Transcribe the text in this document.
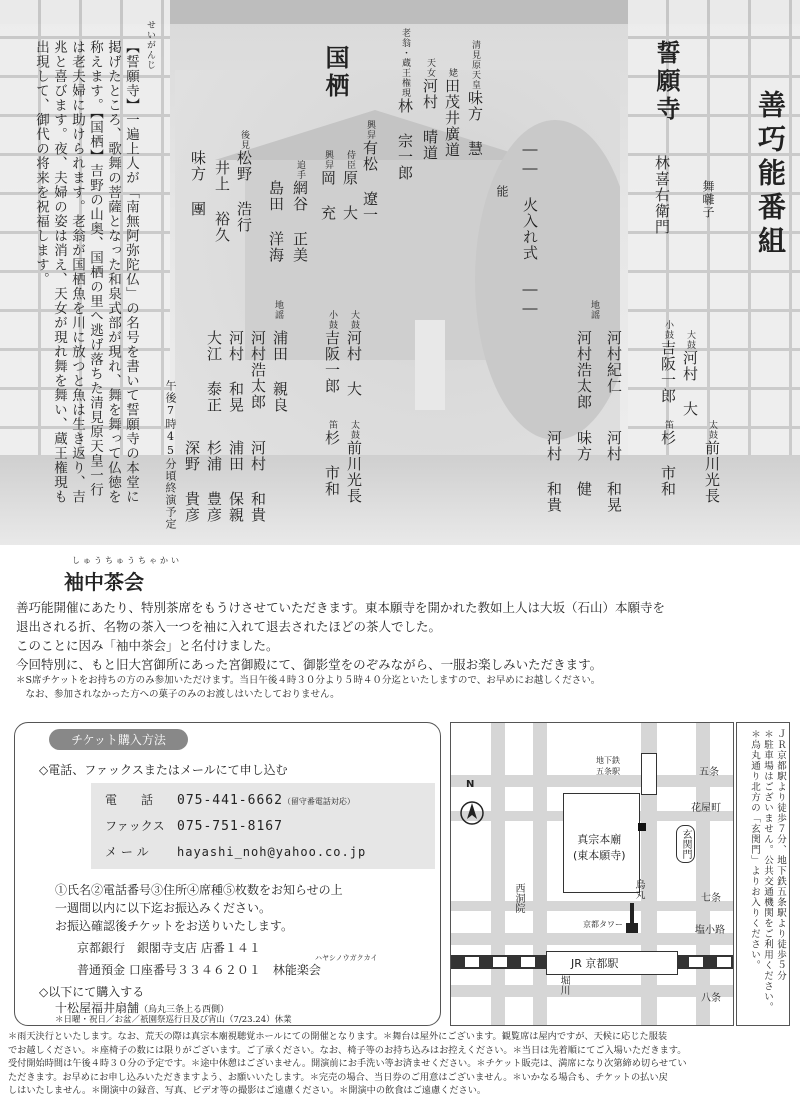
善巧能番組
舞囃子
誓願寺
林喜右衛門
大鼓河村 大
太鼓前川光長
小鼓吉阪一郎
笛杉 市和
地謡
河村紀仁
河村浩太郎
河村 和晃
味方 健
河村 和貴
能 ―― 火入れ式 ――
清見原天皇味方 慧
姥田茂井廣道
天女河村 晴道
老翁・蔵王権現林 宗一郎
国栖
侍臣原 大
興舁有松 遼一
興舁岡 充
追手網谷 正美
島田 洋海
後見松野 浩行
井上 裕久
味方 團
大鼓河村 大
小鼓吉阪一郎
太鼓前川光長
笛杉 市和
地謡
浦田 親良
河村浩太郎
河村 和晃
大江 泰正
河村 和貴
浦田 保親
杉浦 豊彦
深野 貴彦
午後7時45分頃終演予定
せいがんじ
【誓願寺】一遍上人が「南無阿弥陀仏」の名号を書いて誓願寺の本堂に掲げたところ、歌舞の菩薩となった和泉式部が現れ、舞を舞って仏徳を称えます。【国栖】吉野の山奥、国栖の里へ逃げ落ちた清見原天皇一行は老夫婦に助けられます。老翁が国栖魚を川に放つと魚は生き返り、吉兆と喜びます。夜、夫婦の姿は消え、天女が現れ舞を舞い、蔵王権現も出現して、御代の将来を祝福します。
しゅうちゅうちゃかい
袖中茶会

善巧能開催にあたり、特別茶席をもうけさせていただきます。東本願寺を開かれた教如上人は大坂（石山）本願寺を

退出される折、名物の茶入一つを袖に入れて退去されたほどの茶人でした。

このことに因み「袖中茶会」と名付けました。

今回特別に、もと旧大宮御所にあった宮御殿にて、御影堂をのぞみながら、一服お楽しみいただきます。

＊S席チケットをお持ちの方のみ参加いただけます。当日午後４時３０分より５時４０分迄といたしますので、お早めにお越しください。

　なお、参加されなかった方への菓子のみのお渡しはいたしておりません。

チケット購入方法
◇電話、ファックスまたはメールにて申し込む
電　　話 075-441-6662（留守番電話対応）
ファックス 075-751-8167
メ ー ル hayashi_noh@yahoo.co.jp
①氏名②電話番号③住所④席種⑤枚数をお知らせの上
一週間以内に以下迄お振込みください。
お振込確認後チケットをお送りいたします。
京都銀行　銀閣寺支店 店番１４１
ハヤシノウガクカイ
普通預金 口座番号３３４６２０１　林能楽会
◇以下にて購入する
十松屋福井扇舗（烏丸三条上る西側）
＊日曜・祝日／お盆／祇園祭巡行日及び宵山（7/23.24）休業
JR 京都駅
真宗本廟
(東本願寺)
地下鉄
五条駅
玄関門
五条
花屋町
七条
塩小路
八条
西洞院	烏丸
堀川
京都タワー
N	ＪＲ京都駅より徒歩７分、地下鉄五条駅より徒歩５分
＊駐車場はございません。公共交通機関をご利用ください。
＊烏丸通り北方の「玄関門」よりお入りください。

＊雨天決行といたします。なお、荒天の際は真宗本廟視聴覚ホールにての開催となります。＊舞台は屋外にございます。観覧席は屋内ですが、天候に応じた服装

でお越しください。＊座椅子の数には限りがございます。ご了承ください。なお、椅子等のお持ち込みはお控えください。＊当日は先着順にてご入場いただきます。

受付開始時間は午後４時３０分の予定です。＊途中休憩はございません。開演前にお手洗い等お済ませください。＊チケット販売は、満席になり次第締め切らせてい

ただきます。お早めにお申し込みいただきますよう、お願いいたします。＊完売の場合、当日券のご用意はございません。＊いかなる場合も、チケットの払い戻

しはいたしません。＊開演中の録音、写真、ビデオ等の撮影はご遠慮ください。＊開演中の飲食はご遠慮ください。
